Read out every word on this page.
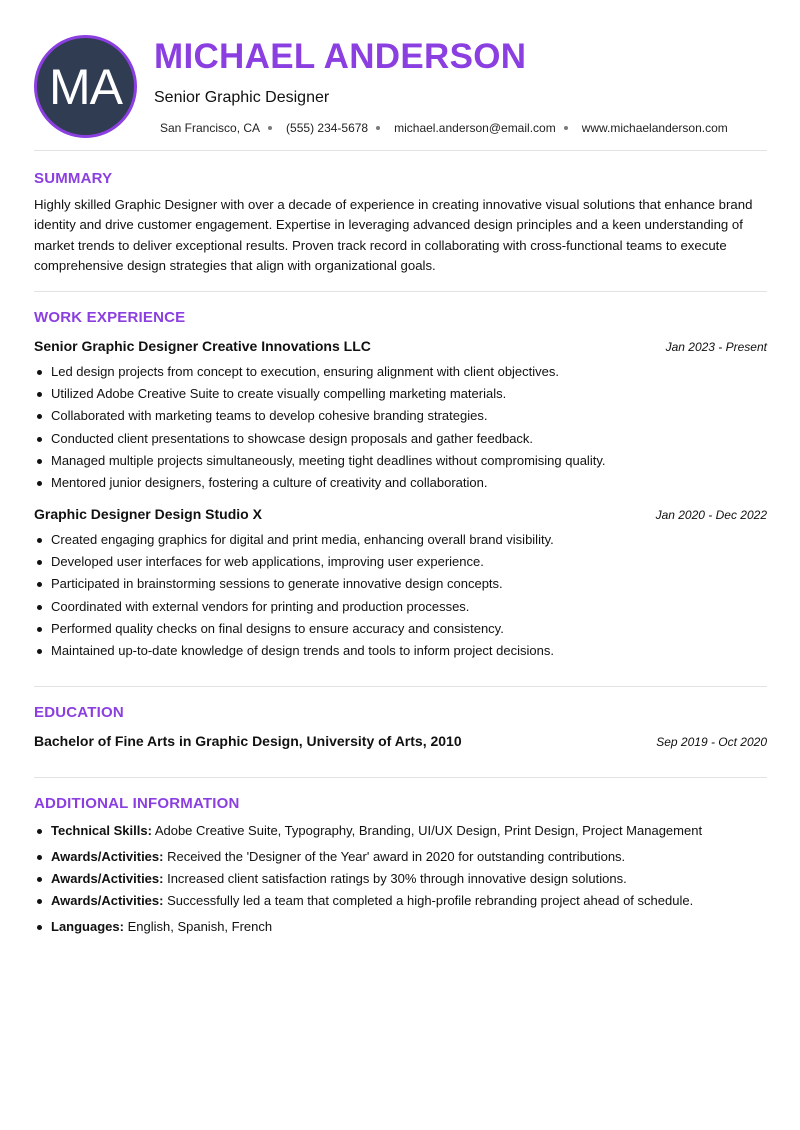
MA
MICHAEL ANDERSON
Senior Graphic Designer
San Francisco, CA (555) 234-5678 michael.anderson@email.com www.michaelanderson.com
SUMMARY
Highly skilled Graphic Designer with over a decade of experience in creating innovative visual solutions that enhance brand identity and drive customer engagement. Expertise in leveraging advanced design principles and a keen understanding of market trends to deliver exceptional results. Proven track record in collaborating with cross-functional teams to execute comprehensive design strategies that align with organizational goals.
WORK EXPERIENCE
Senior Graphic Designer Creative Innovations LLC	Jan 2023 - Present
Led design projects from concept to execution, ensuring alignment with client objectives.
Utilized Adobe Creative Suite to create visually compelling marketing materials.
Collaborated with marketing teams to develop cohesive branding strategies.
Conducted client presentations to showcase design proposals and gather feedback.
Managed multiple projects simultaneously, meeting tight deadlines without compromising quality.
Mentored junior designers, fostering a culture of creativity and collaboration.
Graphic Designer Design Studio X	Jan 2020 - Dec 2022
Created engaging graphics for digital and print media, enhancing overall brand visibility.
Developed user interfaces for web applications, improving user experience.
Participated in brainstorming sessions to generate innovative design concepts.
Coordinated with external vendors for printing and production processes.
Performed quality checks on final designs to ensure accuracy and consistency.
Maintained up-to-date knowledge of design trends and tools to inform project decisions.
EDUCATION
Bachelor of Fine Arts in Graphic Design, University of Arts, 2010	Sep 2019 - Oct 2020
ADDITIONAL INFORMATION
Technical Skills: Adobe Creative Suite, Typography, Branding, UI/UX Design, Print Design, Project Management
Awards/Activities: Received the 'Designer of the Year' award in 2020 for outstanding contributions.
Awards/Activities: Increased client satisfaction ratings by 30% through innovative design solutions.
Awards/Activities: Successfully led a team that completed a high-profile rebranding project ahead of schedule.
Languages: English, Spanish, French
